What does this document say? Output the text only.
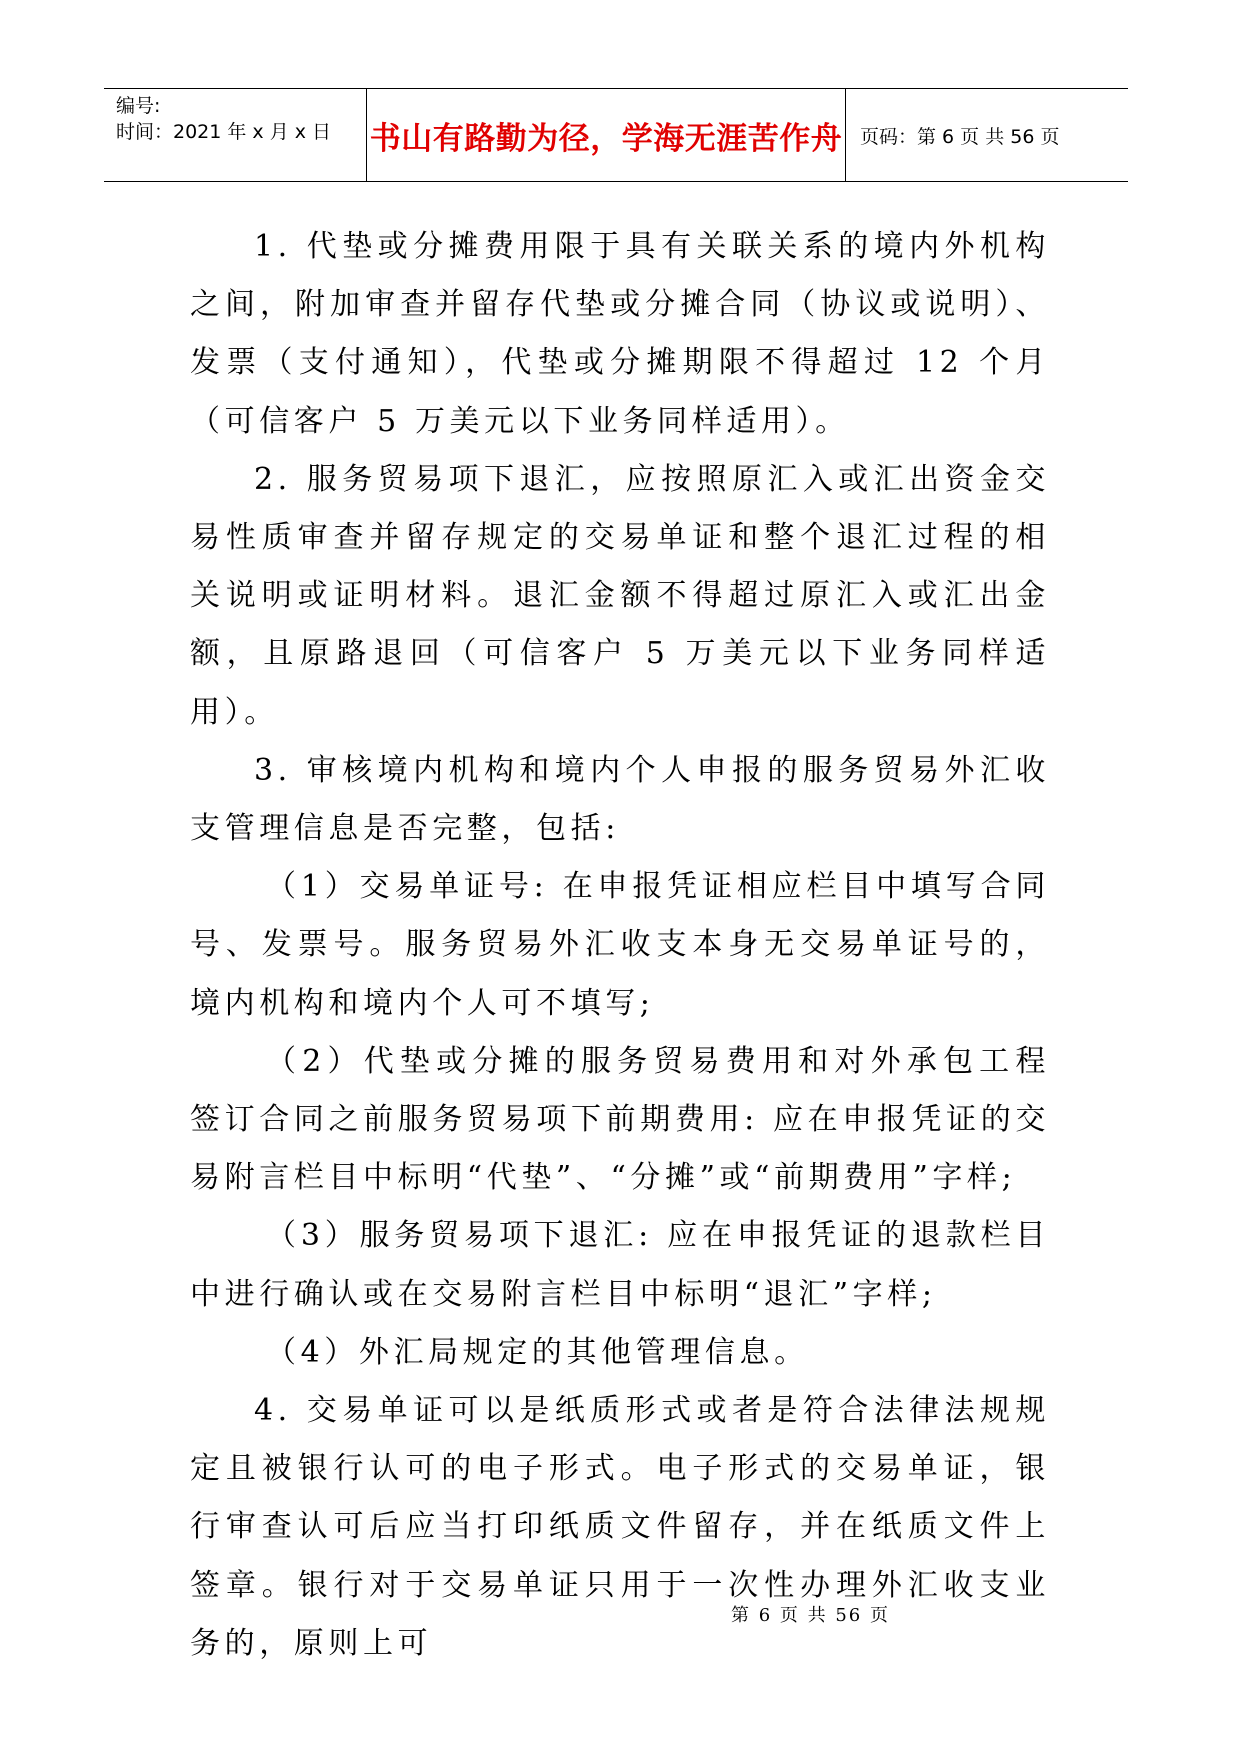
编号:
时间：2021 年 x 月 x 日	书山有路勤为径，学海无涯苦作舟 页码：第 6 页 共 56 页

1. 代垫或分摊费用限于具有关联关系的境内外机构之间，附加审查并留存代垫或分摊合同（协议或说明）、发票（支付通知），代垫或分摊期限不得超过 12 个月（可信客户 5 万美元以下业务同样适用）。

2. 服务贸易项下退汇，应按照原汇入或汇出资金交易性质审查并留存规定的交易单证和整个退汇过程的相关说明或证明材料。退汇金额不得超过原汇入或汇出金额，且原路退回（可信客户 5 万美元以下业务同样适用）。

3. 审核境内机构和境内个人申报的服务贸易外汇收支管理信息是否完整，包括:

（1）交易单证号: 在申报凭证相应栏目中填写合同号、发票号。服务贸易外汇收支本身无交易单证号的，境内机构和境内个人可不填写;

（2）代垫或分摊的服务贸易费用和对外承包工程签订合同之前服务贸易项下前期费用: 应在申报凭证的交易附言栏目中标明“代垫”、“分摊”或“前期费用”字样;

（3）服务贸易项下退汇: 应在申报凭证的退款栏目中进行确认或在交易附言栏目中标明“退汇”字样;

（4）外汇局规定的其他管理信息。

4. 交易单证可以是纸质形式或者是符合法律法规规定且被银行认可的电子形式。电子形式的交易单证，银行审查认可后应当打印纸质文件留存，并在纸质文件上签章。银行对于交易单证只用于一次性办理外汇收支业务的，原则上可

第 6 页 共 56 页
